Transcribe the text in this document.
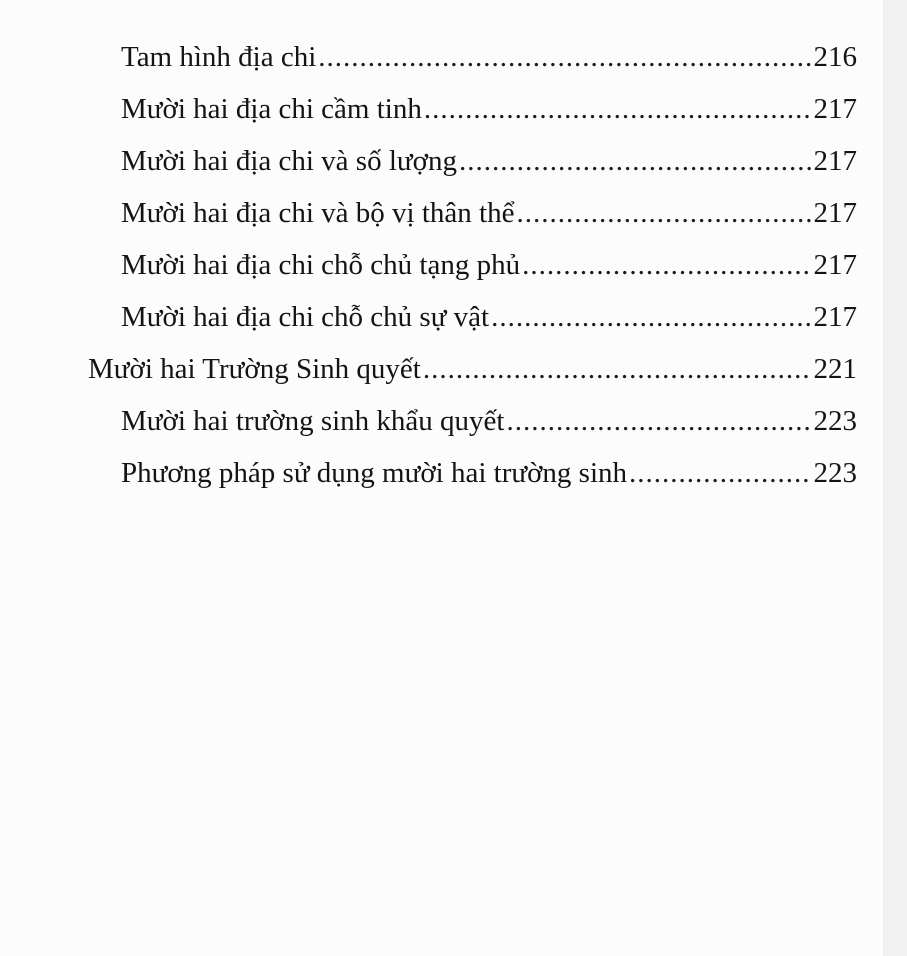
Tam hình địa chi .....	216
Mười hai địa chi cầm tinh .....	217
Mười hai địa chi và số lượng .....	217
Mười hai địa chi và bộ vị thân thể .....	217
Mười hai địa chi chỗ chủ tạng phủ .....	217
Mười hai địa chi chỗ chủ sự vật .....	217
Mười hai Trường Sinh quyết .....	221
Mười hai trường sinh khẩu quyết .....	223
Phương pháp sử dụng mười hai trường sinh .....	223
